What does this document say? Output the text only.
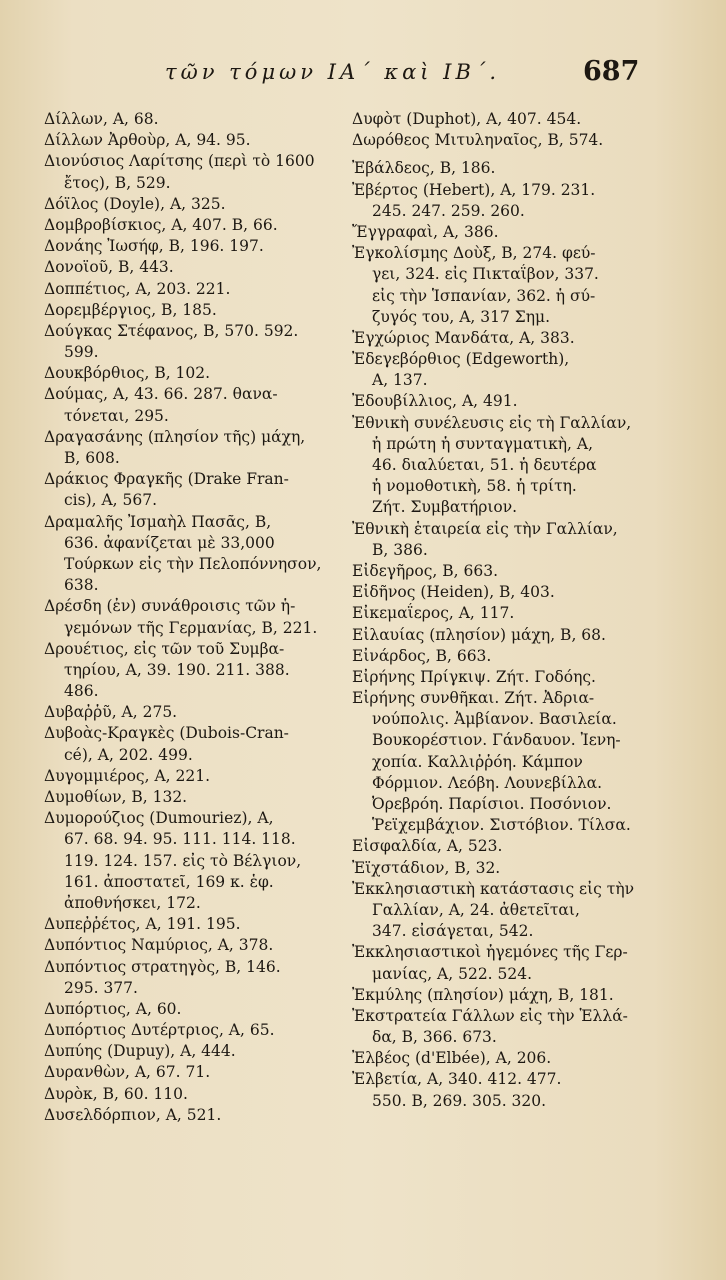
τῶν τόμων ΙΑ΄ καὶ ΙΒ΄.	687
Δίλλων, Α, 68.
Δίλλων Ἀρθοὺρ, Α, 94. 95.
Διονύσιος Λαρίτσης (περὶ τὸ 1600
ἔτος), Β, 529.
Δόϊλος (Doyle), Α, 325.
Δομβροβίσκιος, Α, 407. Β, 66.
Δονάης Ἰωσήφ, Β, 196. 197.
Δονοϊοῦ, Β, 443.
Δοππέτιος, Α, 203. 221.
Δορεμβέργιος, Β, 185.
Δούγκας Στέφανος, Β, 570. 592.
599.
Δουκβόρθιος, Β, 102.
Δούμας, Α, 43. 66. 287. θανα-
τόνεται, 295.
Δραγασάνης (πλησίον τῆς) μάχη,
Β, 608.
Δράκιος Φραγκῆς (Drake Fran-
cis), Α, 567.
Δραμαλῆς Ἰσμαὴλ Πασᾶς, Β,
636. ἀφανίζεται μὲ 33,000
Τούρκων εἰς τὴν Πελοπόννησον,
638.
Δρέσδη (ἐν) συνάθροισις τῶν ἡ-
γεμόνων τῆς Γερμανίας, Β, 221.
Δρουέτιος, εἰς τῶν τοῦ Συμβα-
τηρίου, Α, 39. 190. 211. 388.
486.
Δυβαῤῥῦ, Α, 275.
Δυβοὰς-Κραγκὲς (Dubois-Cran-
cé), Α, 202. 499.
Δυγομμιέρος, Α, 221.
Δυμοθίων, Β, 132.
Δυμορούζιος (Dumouriez), Α,
67. 68. 94. 95. 111. 114. 118.
119. 124. 157. εἰς τὸ Βέλγιον,
161. ἀποστατεῖ, 169 κ. ἑφ.
ἀποθνήσκει, 172.
Δυπεῤῥέτος, Α, 191. 195.
Δυπόντιος Ναμύριος, Α, 378.
Δυπόντιος στρατηγὸς, Β, 146.
295. 377.
Δυπόρτιος, Α, 60.
Δυπόρτιος Δυτέρτριος, Α, 65.
Δυπύης (Dupuy), Α, 444.
Δυρανθὼν, Α, 67. 71.
Δυρὸκ, Β, 60. 110.
Δυσελδόρπιον, Α, 521.
Δυφὸτ (Duphot), Α, 407. 454.
Δωρόθεος Μιτυληναῖος, Β, 574.
Ἐβάλδεος, Β, 186.
Ἐβέρτος (Hebert), Α, 179. 231.
245. 247. 259. 260.
Ἔγγραφαὶ, Α, 386.
Ἐγκολίσμης Δοὺξ, Β, 274. φεύ-
γει, 324. εἰς Πικταΐβον, 337.
εἰς τὴν Ἱσπανίαν, 362. ἡ σύ-
ζυγός του, Α, 317 Σημ.
Ἐγχώριος Μανδάτα, Α, 383.
Ἐδεγεβόρθιος (Edgeworth),
Α, 137.
Ἐδουβίλλιος, Α, 491.
Ἐθνικὴ συνέλευσις εἰς τὴ Γαλλίαν,
ἡ πρώτη ἡ συνταγματικὴ, Α,
46. διαλύεται, 51. ἡ δευτέρα
ἡ νομοθοτικὴ, 58. ἡ τρίτη.
Ζήτ. Συμβατήριον.
Ἐθνικὴ ἑταιρεία εἰς τὴν Γαλλίαν,
Β, 386.
Εἰδεγῆρος, Β, 663.
Εἰδῆνος (Heiden), Β, 403.
Εἰκεμαΐερος, Α, 117.
Εἰλαυίας (πλησίον) μάχη, Β, 68.
Εἰνάρδος, Β, 663.
Εἰρήνης Πρίγκιψ. Ζήτ. Γοδόης.
Εἰρήνης συνθῆκαι. Ζήτ. Ἀδρια-
νούπολις. Ἀμβίανον. Βασιλεία.
Βουκορέστιον. Γάνδαυον. Ἰενη-
χοπία. Καλλιῤῥόη. Κάμπον
Φόρμιον. Λεόβη. Λουνεβίλλα.
Ὀρεβρόη. Παρίσιοι. Ποσόνιον.
Ῥεϊχεμβάχιον. Σιστόβιον. Τίλσα.
Εἰσφαλδία, Α, 523.
Ἐϊχστάδιον, Β, 32.
Ἐκκλησιαστικὴ κατάστασις εἰς τὴν
Γαλλίαν, Α, 24. ἀθετεῖται,
347. εἰσάγεται, 542.
Ἐκκλησιαστικοὶ ἡγεμόνες τῆς Γερ-
μανίας, Α, 522. 524.
Ἐκμύλης (πλησίον) μάχη, Β, 181.
Ἐκστρατεία Γάλλων εἰς τὴν Ἑλλά-
δα, Β, 366. 673.
Ἐλβέος (d'Elbée), Α, 206.
Ἐλβετία, Α, 340. 412. 477.
550. Β, 269. 305. 320.
